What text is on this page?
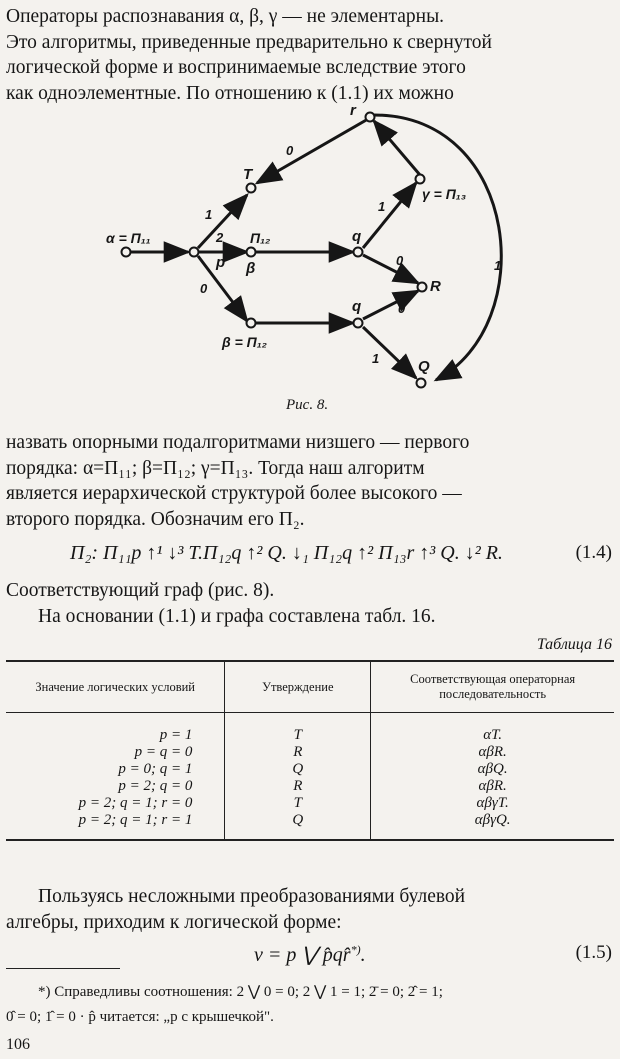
Операторы распознавания α, β, γ — не элементарны.
Это алгоритмы, приведенные предварительно к свернутой
логической форме и воспринимаемые вследствие этого
как одноэлементные. По отношению к (1.1) их можно
α = П₁₁
T
r
γ = П₁₃
П₁₂
p β
q
R
q
β = П₁₂
Q
1
2
0
0
1
0
0
1
1
Рис. 8.
назвать опорными подалгоритмами низшего — первого
порядка: α=П₁₁; β=П₁₂; γ=П₁₃. Тогда наш алгоритм
является иерархической структурой более высокого —
второго порядка. Обозначим его П₂.
П₂: П₁₁p ↑¹ ↓³ T.П₁₂q ↑² Q. ↓₁ П₁₂q ↑² П₁₃r ↑³ Q. ↓² R.	(1.4)
Соответствующий граф (рис. 8).
На основании (1.1) и графа составлена табл. 16.
Таблица 16
Значение логических условий	Утверждение	Соответствующая операторная последовательность
p = 1	T	αT.
p = q = 0	R	αβR.
p = 0; q = 1	Q	αβQ.
p = 2; q = 0	R	αβR.
p = 2; q = 1; r = 0	T	αβγT.
p = 2; q = 1; r = 1	Q	αβγQ.
Пользуясь несложными преобразованиями булевой
алгебры, приходим к логической форме:
v = p ⋁ p̂qr̂*).	(1.5)
*) Справедливы соотношения: 2 ⋁ 0 = 0; 2 ⋁ 1 = 1; 2̄ = 0; 2̂ = 1;
0̂ = 0; 1̂ = 0 · p̂ читается: „p с крышечкой".
106
